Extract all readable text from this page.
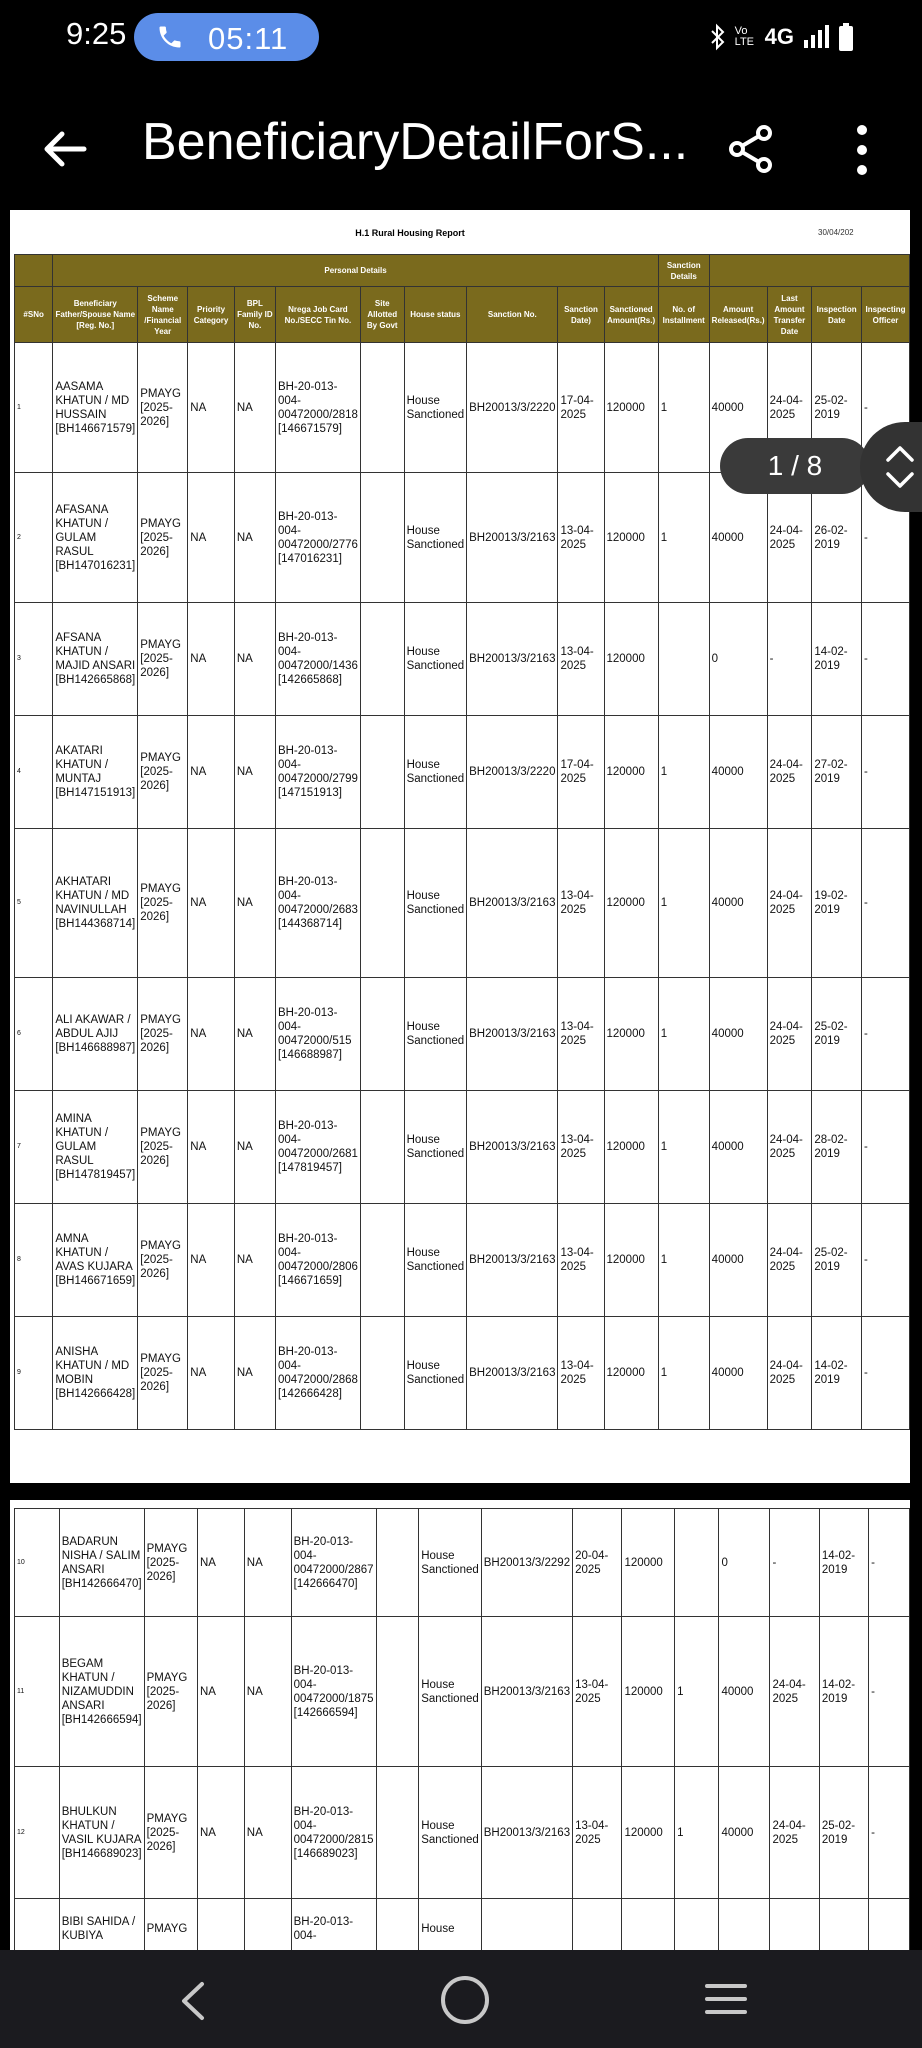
9:25	05:11	Vo LTE 4G
BeneficiaryDetailForS...
H.1 Rural Housing Report	30/04/202
	Personal Details										Sanction Details				
#SNo	Beneficiary Father/Spouse Name [Reg. No.]	Scheme Name /Financial Year	Priority Category	BPL Family ID No.	Nrega Job Card No./SECC Tin No.	Site Allotted By Govt	House status	Sanction No.	Sanction Date)	Sanctioned Amount(Rs.)	No. of Installment	Amount Released(Rs.)	Last Amount Transfer Date	Inspection Date	Inspecting Officer
1	AASAMA KHATUN / MD HUSSAIN [BH146671579]	PMAYG [2025-2026]	NA	NA	BH-20-013-004-00472000/2818 [146671579]		House Sanctioned	BH20013/3/2220	17-04-2025	120000	1	40000	24-04-2025	25-02-2019	-
2	AFASANA KHATUN / GULAM RASUL [BH147016231]	PMAYG [2025-2026]	NA	NA	BH-20-013-004-00472000/2776 [147016231]		House Sanctioned	BH20013/3/2163	13-04-2025	120000	1	40000	24-04-2025	26-02-2019	-
3	AFSANA KHATUN / MAJID ANSARI [BH142665868]	PMAYG [2025-2026]	NA	NA	BH-20-013-004-00472000/1436 [142665868]		House Sanctioned	BH20013/3/2163	13-04-2025	120000		0	-	14-02-2019	-
4	AKATARI KHATUN / MUNTAJ [BH147151913]	PMAYG [2025-2026]	NA	NA	BH-20-013-004-00472000/2799 [147151913]		House Sanctioned	BH20013/3/2220	17-04-2025	120000	1	40000	24-04-2025	27-02-2019	-
5	AKHATARI KHATUN / MD NAVINULLAH [BH144368714]	PMAYG [2025-2026]	NA	NA	BH-20-013-004-00472000/2683 [144368714]		House Sanctioned	BH20013/3/2163	13-04-2025	120000	1	40000	24-04-2025	19-02-2019	-
6	ALI AKAWAR / ABDUL AJIJ [BH146688987]	PMAYG [2025-2026]	NA	NA	BH-20-013-004-00472000/515 [146688987]		House Sanctioned	BH20013/3/2163	13-04-2025	120000	1	40000	24-04-2025	25-02-2019	-
7	AMINA KHATUN / GULAM RASUL [BH147819457]	PMAYG [2025-2026]	NA	NA	BH-20-013-004-00472000/2681 [147819457]		House Sanctioned	BH20013/3/2163	13-04-2025	120000	1	40000	24-04-2025	28-02-2019	-
8	AMNA KHATUN / AVAS KUJARA [BH146671659]	PMAYG [2025-2026]	NA	NA	BH-20-013-004-00472000/2806 [146671659]		House Sanctioned	BH20013/3/2163	13-04-2025	120000	1	40000	24-04-2025	25-02-2019	-
9	ANISHA KHATUN / MD MOBIN [BH142666428]	PMAYG [2025-2026]	NA	NA	BH-20-013-004-00472000/2868 [142666428]		House Sanctioned	BH20013/3/2163	13-04-2025	120000	1	40000	24-04-2025	14-02-2019	-
10	BADARUN NISHA / SALIM ANSARI [BH142666470]	PMAYG [2025-2026]	NA	NA	BH-20-013-004-00472000/2867 [142666470]		House Sanctioned	BH20013/3/2292	20-04-2025	120000		0	-	14-02-2019	-
11	BEGAM KHATUN / NIZAMUDDIN ANSARI [BH142666594]	PMAYG [2025-2026]	NA	NA	BH-20-013-004-00472000/1875 [142666594]		House Sanctioned	BH20013/3/2163	13-04-2025	120000	1	40000	24-04-2025	14-02-2019	-
12	BHULKUN KHATUN / VASIL KUJARA [BH146689023]	PMAYG [2025-2026]	NA	NA	BH-20-013-004-00472000/2815 [146689023]		House Sanctioned	BH20013/3/2163	13-04-2025	120000	1	40000	24-04-2025	25-02-2019	-
	BIBI SAHIDA / KUBIYA	PMAYG			BH-20-013-004-		House								
1 / 8
